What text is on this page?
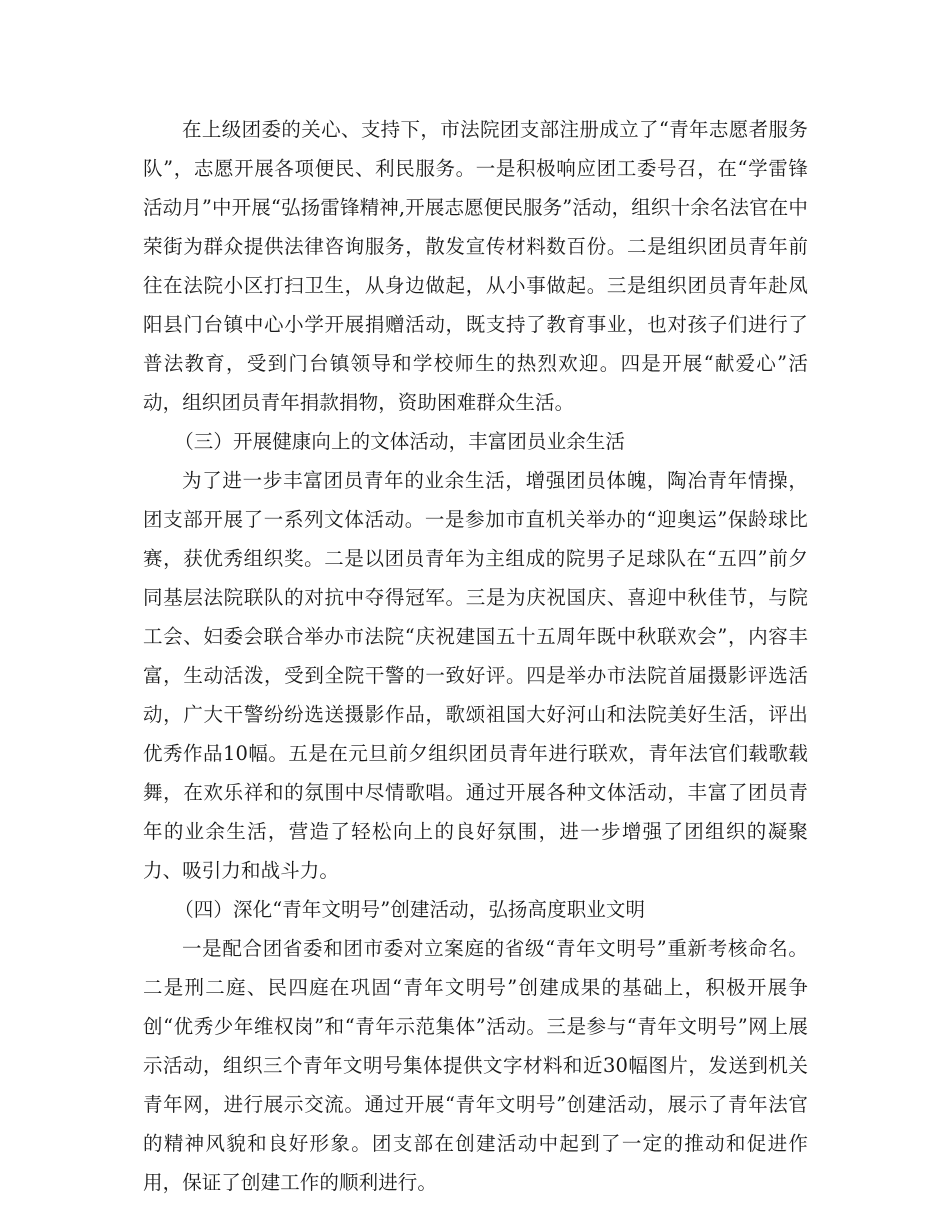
在上级团委的关心、支持下，市法院团支部注册成立了“青年志愿者服务队”，志愿开展各项便民、利民服务。一是积极响应团工委号召，在“学雷锋活动月”中开展“弘扬雷锋精神,开展志愿便民服务”活动，组织十余名法官在中荣街为群众提供法律咨询服务，散发宣传材料数百份。二是组织团员青年前往在法院小区打扫卫生，从身边做起，从小事做起。三是组织团员青年赴凤阳县门台镇中心小学开展捐赠活动，既支持了教育事业，也对孩子们进行了普法教育，受到门台镇领导和学校师生的热烈欢迎。四是开展“献爱心”活动，组织团员青年捐款捐物，资助困难群众生活。

（三）开展健康向上的文体活动，丰富团员业余生活

为了进一步丰富团员青年的业余生活，增强团员体魄，陶冶青年情操，团支部开展了一系列文体活动。一是参加市直机关举办的“迎奥运”保龄球比赛，获优秀组织奖。二是以团员青年为主组成的院男子足球队在“五四”前夕同基层法院联队的对抗中夺得冠军。三是为庆祝国庆、喜迎中秋佳节，与院工会、妇委会联合举办市法院“庆祝建国五十五周年既中秋联欢会”，内容丰富，生动活泼，受到全院干警的一致好评。四是举办市法院首届摄影评选活动，广大干警纷纷选送摄影作品，歌颂祖国大好河山和法院美好生活，评出优秀作品10幅。五是在元旦前夕组织团员青年进行联欢，青年法官们载歌载舞，在欢乐祥和的氛围中尽情歌唱。通过开展各种文体活动，丰富了团员青年的业余生活，营造了轻松向上的良好氛围，进一步增强了团组织的凝聚力、吸引力和战斗力。

（四）深化“青年文明号”创建活动，弘扬高度职业文明

一是配合团省委和团市委对立案庭的省级“青年文明号”重新考核命名。二是刑二庭、民四庭在巩固“青年文明号”创建成果的基础上，积极开展争创“优秀少年维权岗”和“青年示范集体”活动。三是参与“青年文明号”网上展示活动，组织三个青年文明号集体提供文字材料和近30幅图片，发送到机关青年网，进行展示交流。通过开展“青年文明号”创建活动，展示了青年法官的精神风貌和良好形象。团支部在创建活动中起到了一定的推动和促进作用，保证了创建工作的顺利进行。
